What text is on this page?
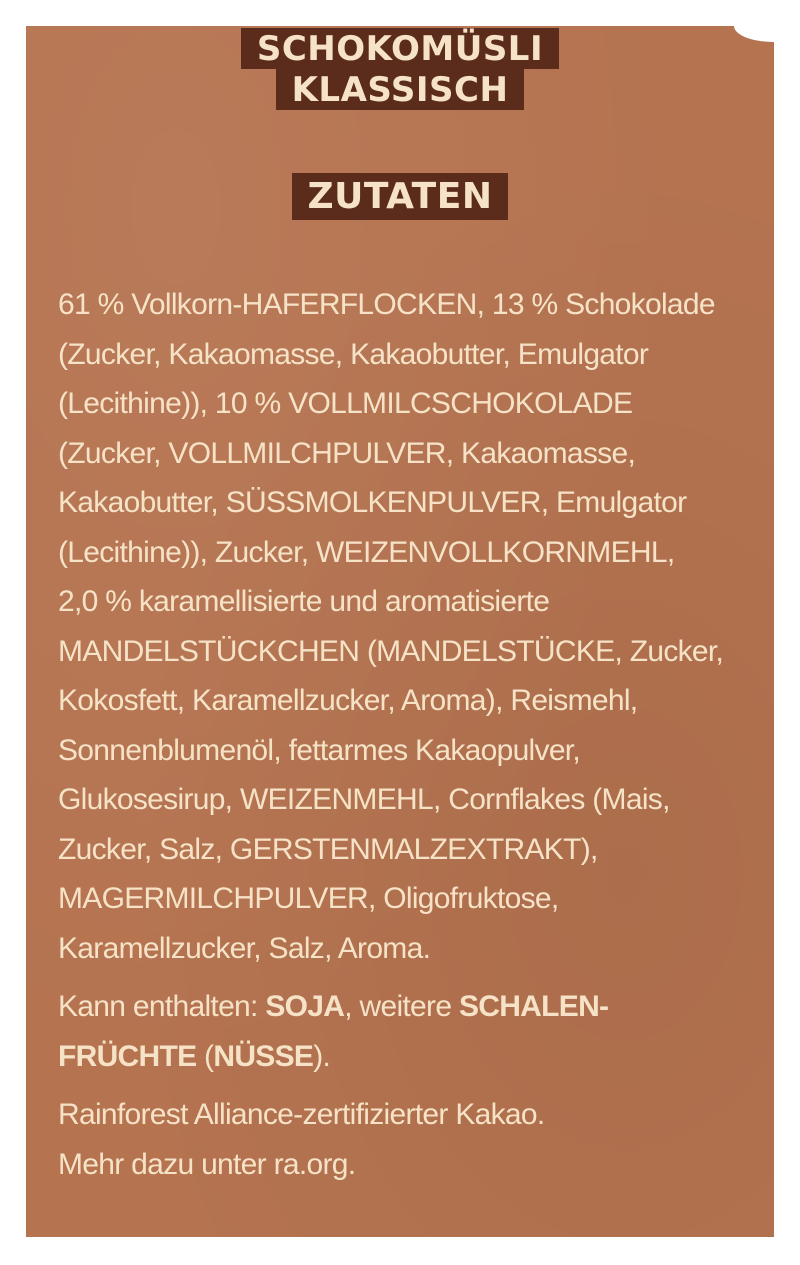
SCHOKOMÜSLI
KLASSISCH
ZUTATEN
61 % Vollkorn-HAFERFLOCKEN, 13 % Schokolade
(Zucker, Kakaomasse, Kakaobutter, Emulgator
(Lecithine)), 10 % VOLLMILCSCHOKOLADE
(Zucker, VOLLMILCHPULVER, Kakaomasse,
Kakaobutter, SÜSSMOLKENPULVER, Emulgator
(Lecithine)), Zucker, WEIZENVOLLKORNMEHL,
2,0 % karamellisierte und aromatisierte
MANDELSTÜCKCHEN (MANDELSTÜCKE, Zucker,
Kokosfett, Karamellzucker, Aroma), Reismehl,
Sonnenblumenöl, fettarmes Kakaopulver,
Glukosesirup, WEIZENMEHL, Cornflakes (Mais,
Zucker, Salz, GERSTENMALZEXTRAKT),
MAGERMILCHPULVER, Oligofruktose,
Karamellzucker, Salz, Aroma.
Kann enthalten: SOJA, weitere SCHALEN-
FRÜCHTE (NÜSSE).
Rainforest Alliance-zertifizierter Kakao.
Mehr dazu unter ra.org.
